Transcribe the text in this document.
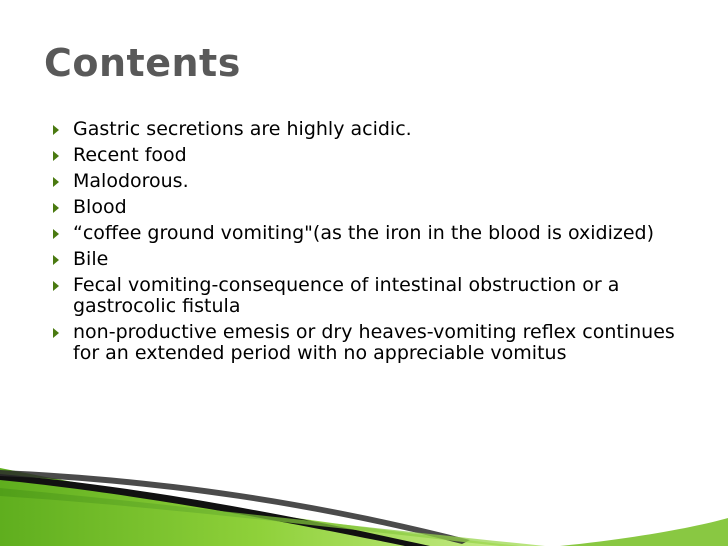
Contents
Gastric secretions are highly acidic.
Recent food
Malodorous.
Blood
“coffee ground vomiting"(as the iron in the blood is oxidized)
Bile
Fecal vomiting-consequence of intestinal obstruction or a gastrocolic fistula
non-productive emesis or dry heaves-vomiting reflex continues for an extended period with no appreciable vomitus
